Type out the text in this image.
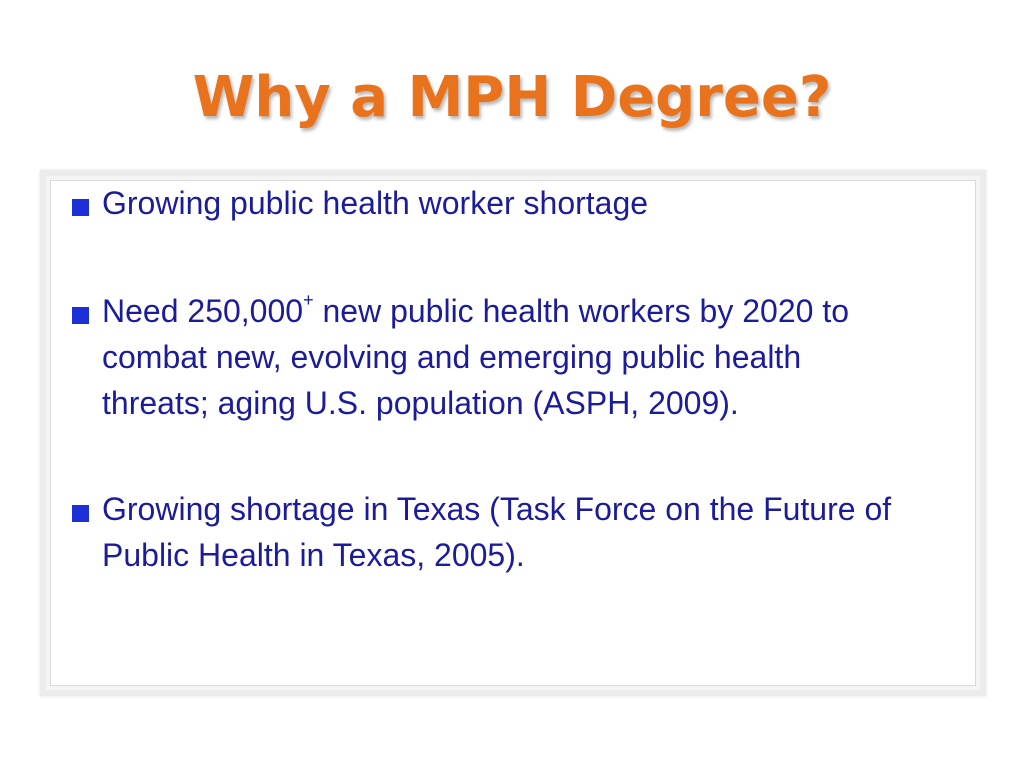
Why a MPH Degree?
Growing public health worker shortage
Need 250,000+ new public health workers by 2020 to combat new, evolving and emerging public health threats; aging U.S. population (ASPH, 2009).
Growing shortage in Texas (Task Force on the Future of Public Health in Texas, 2005).
